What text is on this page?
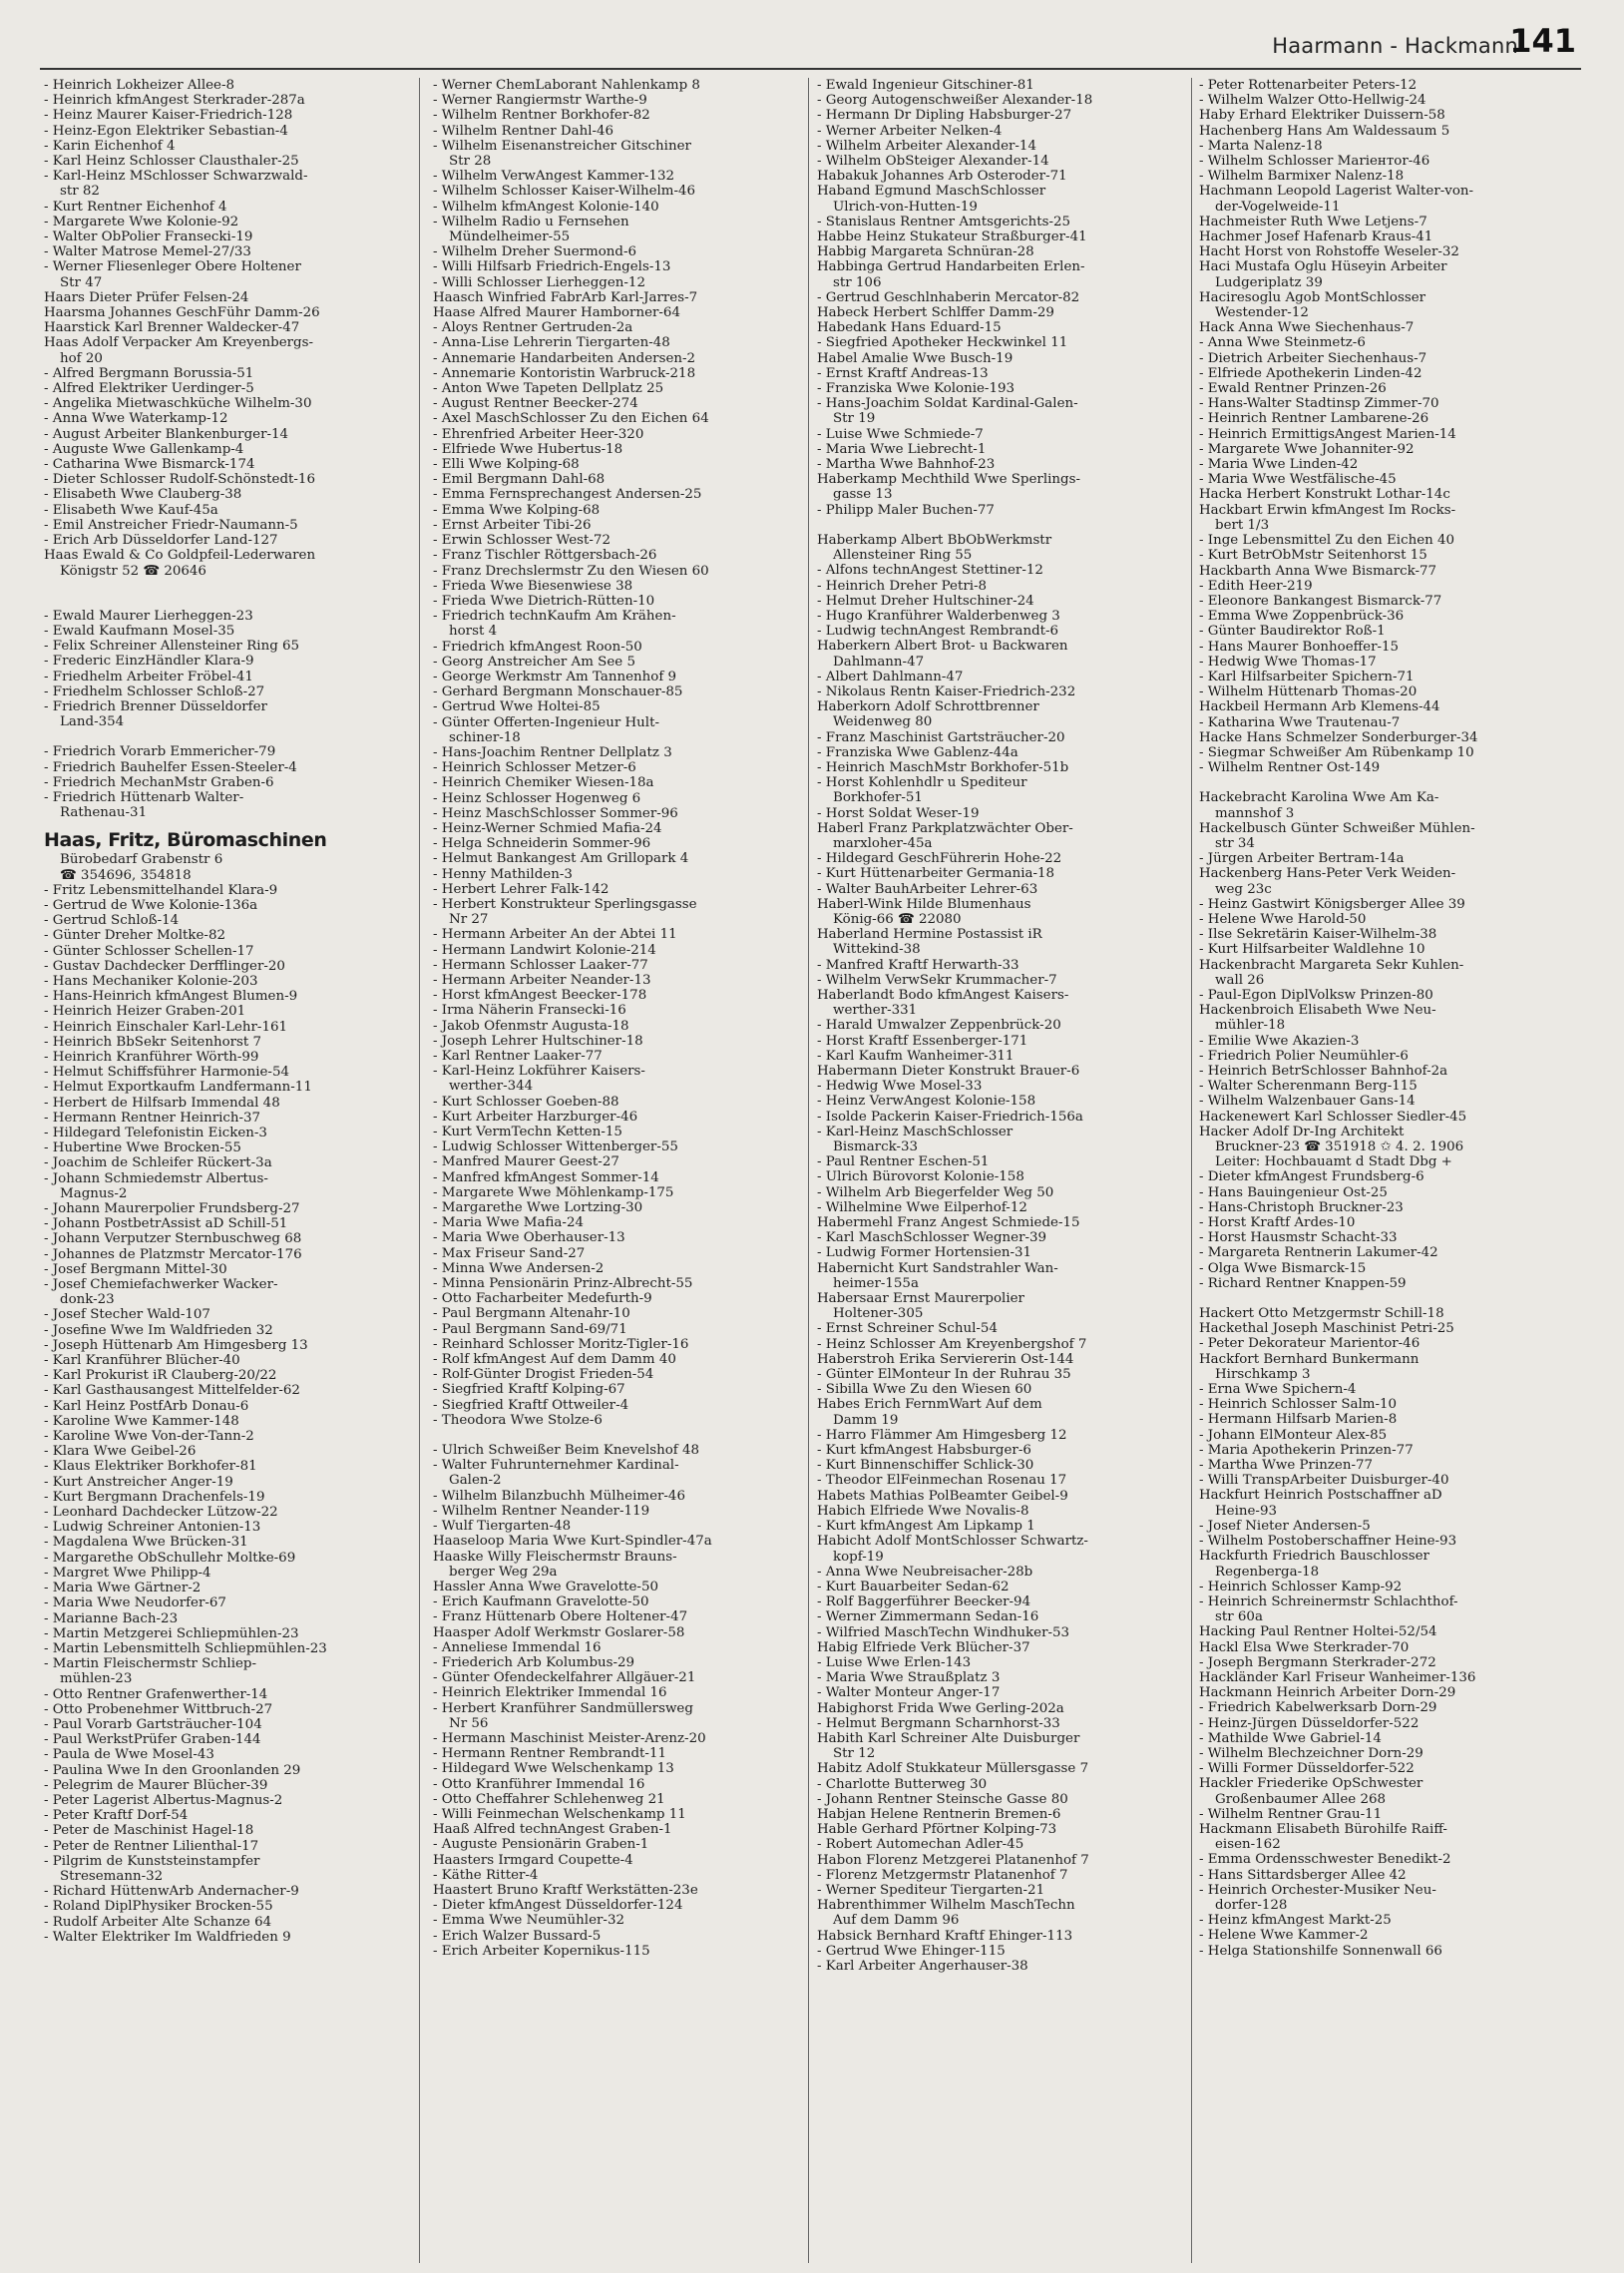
Haarmann - Hackmann
141
- Heinrich Lokheizer Allee-8
- Heinrich kfmAngest Sterkrader-287a
- Heinz Maurer Kaiser-Friedrich-128
- Heinz-Egon Elektriker Sebastian-4
- Karin Eichenhof 4
- Karl Heinz Schlosser Clausthaler-25
- Karl-Heinz MSchlosser Schwarzwald-
str 82
- Kurt Rentner Eichenhof 4
- Margarete Wwe Kolonie-92
- Walter ObPolier Franseckі-19
- Walter Matrose Memel-27/33
- Werner Fliesenleger Obere Holtener
Str 47
Haars Dieter Prüfer Felsen-24
Haarsma Johannes GeschFühr Damm-26
Haarstick Karl Brenner Waldecker-47
Haas Adolf Verpacker Am Kreyenbergs-
hof 20
- Alfred Bergmann Borussia-51
- Alfred Elektriker Uerdinger-5
- Angelika Mietwaschküche Wilhelm-30
- Anna Wwe Waterkamp-12
- August Arbeiter Blankenburger-14
- Auguste Wwe Gallenkamp-4
- Catharina Wwe Bismarck-174
- Dieter Schlosser Rudolf-Schönstedt-16
- Elisabeth Wwe Clauberg-38
- Elisabeth Wwe Kauf-45a
- Emil Anstreicher Friedr-Naumann-5
- Erich Arb Düsseldorfer Land-127
Haas Ewald & Co Goldpfeil-Lederwaren
Königstr 52 ☎ 20646
- Ewald Maurer Lierheggen-23
- Ewald Kaufmann Mosel-35
- Felix Schreiner Allensteiner Ring 65
- Frederic EinzHändler Klara-9
- Friedhelm Arbeiter Fröbel-41
- Friedhelm Schlosser Schloß-27
- Friedrich Brenner Düsseldorfer
Land-354
- Friedrich Vorarb Emmericher-79
- Friedrich Bauhelfer Essen-Steeler-4
- Friedrich MechanMstr Graben-6
- Friedrich Hüttenarb Walter-
Rathenau-31
Haas, Fritz, Büromaschinen
Bürobedarf Grabenstr 6
☎ 354696, 354818
- Fritz Lebensmittelhandel Klara-9
- Gertrud de Wwe Kolonie-136a
- Gertrud Schloß-14
- Günter Dreher Moltke-82
- Günter Schlosser Schellen-17
- Gustav Dachdecker Derfflinger-20
- Hans Mechaniker Kolonie-203
- Hans-Heinrich kfmAngest Blumen-9
- Heinrich Heizer Graben-201
- Heinrich Einschaler Karl-Lehr-161
- Heinrich BbSekr Seitenhorst 7
- Heinrich Kranführer Wörth-99
- Helmut Schiffsführer Harmonie-54
- Helmut Exportkaufm Landfermann-11
- Herbert de Hilfsarb Immendal 48
- Hermann Rentner Heinrich-37
- Hildegard Telefonistin Eicken-3
- Hubertine Wwe Brocken-55
- Joachim de Schleifer Rückert-3a
- Johann Schmiedemstr Albertus-
Magnus-2
- Johann Maurerpolier Frundsberg-27
- Johann PostbetrAssist aD Schill-51
- Johann Verputzer Sternbuschweg 68
- Johannes de Platzmstr Mercator-176
- Josef Bergmann Mittel-30
- Josef Chemiefachwerker Wacker-
donk-23
- Josef Stecher Wald-107
- Josefine Wwe Im Waldfrieden 32
- Joseph Hüttenarb Am Himgesberg 13
- Karl Kranführer Blücher-40
- Karl Prokurist iR Clauberg-20/22
- Karl Gasthausangest Mittelfelder-62
- Karl Heinz PostfArb Donau-6
- Karoline Wwe Kammer-148
- Karoline Wwe Von-der-Tann-2
- Klara Wwe Geibel-26
- Klaus Elektriker Borkhofer-81
- Kurt Anstreicher Anger-19
- Kurt Bergmann Drachenfels-19
- Leonhard Dachdecker Lützow-22
- Ludwig Schreiner Antonien-13
- Magdalena Wwe Brücken-31
- Margarethe ObSchullehr Moltke-69
- Margret Wwe Philipp-4
- Maria Wwe Gärtner-2
- Maria Wwe Neudorfer-67
- Marianne Bach-23
- Martin Metzgerei Schliepmühlen-23
- Martin Lebensmittelh Schliepmühlen-23
- Martin Fleischermstr Schliep-
mühlen-23
- Otto Rentner Grafenwerther-14
- Otto Probenehmer Wittbruch-27
- Paul Vorarb Gartsträucher-104
- Paul WerkstPrüfer Graben-144
- Paula de Wwe Mosel-43
- Paulina Wwe In den Groonlanden 29
- Pelegrim de Maurer Blücher-39
- Peter Lagerist Albertus-Magnus-2
- Peter Kraftf Dorf-54
- Peter de Maschinist Hagel-18
- Peter de Rentner Lilienthal-17
- Pilgrim de Kunststeinstampfer
Stresemann-32
- Richard HüttenwArb Andernacher-9
- Roland DiplPhysiker Brocken-55
- Rudolf Arbeiter Alte Schanze 64
- Walter Elektriker Im Waldfrieden 9
- Werner ChemLaborant Nahlenkamp 8
- Werner Rangiermstr Warthe-9
- Wilhelm Rentner Borkhofer-82
- Wilhelm Rentner Dahl-46
- Wilhelm Eisenanstreicher Gitschiner
Str 28
- Wilhelm VerwAngest Kammer-132
- Wilhelm Schlosser Kaiser-Wilhelm-46
- Wilhelm kfmAngest Kolonie-140
- Wilhelm Radio u Fernsehen
Mündelheimer-55
- Wilhelm Dreher Suermond-6
- Willi Hilfsarb Friedrich-Engels-13
- Willi Schlosser Lierheggen-12
Haasch Winfried FabrArb Karl-Jarres-7
Haase Alfred Maurer Hamborner-64
- Aloys Rentner Gertruden-2a
- Anna-Lise Lehrerin Tiergarten-48
- Annemarie Handarbeiten Andersen-2
- Annemarie Kontoristin Warbruck-218
- Anton Wwe Tapeten Dellplatz 25
- August Rentner Beecker-274
- Axel MaschSchlosser Zu den Eichen 64
- Ehrenfried Arbeiter Heer-320
- Elfriede Wwe Hubertus-18
- Elli Wwe Kolping-68
- Emil Bergmann Dahl-68
- Emma Fernsprechangest Andersen-25
- Emma Wwe Kolping-68
- Ernst Arbeiter Tibi-26
- Erwin Schlosser West-72
- Franz Tischler Röttgersbach-26
- Franz Drechslermstr Zu den Wiesen 60
- Frieda Wwe Biesenwiese 38
- Frieda Wwe Dietrich-Rütten-10
- Friedrich technKaufm Am Krähen-
horst 4
- Friedrich kfmAngest Roon-50
- Georg Anstreicher Am See 5
- George Werkmstr Am Tannenhof 9
- Gerhard Bergmann Monschauer-85
- Gertrud Wwe Holtei-85
- Günter Offerten-Ingenieur Hult-
schiner-18
- Hans-Joachim Rentner Dellplatz 3
- Heinrich Schlosser Metzer-6
- Heinrich Chemiker Wiesen-18a
- Heinz Schlosser Hogenweg 6
- Heinz MaschSchlosser Sommer-96
- Heinz-Werner Schmied Mafia-24
- Helga Schneiderin Sommer-96
- Helmut Bankangest Am Grillopark 4
- Henny Mathilden-3
- Herbert Lehrer Falk-142
- Herbert Konstrukteur Sperlingsgasse
Nr 27
- Hermann Arbeiter An der Abtei 11
- Hermann Landwirt Kolonie-214
- Hermann Schlosser Laaker-77
- Hermann Arbeiter Neander-13
- Horst kfmAngest Beecker-178
- Irma Näherin Franseckі-16
- Jakob Ofenmstr Augusta-18
- Joseph Lehrer Hultschiner-18
- Karl Rentner Laaker-77
- Karl-Heinz Lokführer Kaisers-
werther-344
- Kurt Schlosser Goeben-88
- Kurt Arbeiter Harzburger-46
- Kurt VermTechn Ketten-15
- Ludwig Schlosser Wittenberger-55
- Manfred Maurer Geest-27
- Manfred kfmAngest Sommer-14
- Margarete Wwe Möhlenkamp-175
- Margarethe Wwe Lortzing-30
- Maria Wwe Mafia-24
- Maria Wwe Oberhauser-13
- Max Friseur Sand-27
- Minna Wwe Andersen-2
- Minna Pensionärin Prinz-Albrecht-55
- Otto Facharbeiter Medefurth-9
- Paul Bergmann Altenahr-10
- Paul Bergmann Sand-69/71
- Reinhard Schlosser Moritz-Tigler-16
- Rolf kfmAngest Auf dem Damm 40
- Rolf-Günter Drogist Frieden-54
- Siegfried Kraftf Kolping-67
- Siegfried Kraftf Ottweiler-4
- Theodora Wwe Stolze-6
- Ulrich Schweißer Beim Knevelshof 48
- Walter Fuhrunternehmer Kardinal-
Galen-2
- Wilhelm Bilanzbuchh Mülheimer-46
- Wilhelm Rentner Neander-119
- Wulf Tiergarten-48
Haaseloop Maria Wwe Kurt-Spindler-47a
Haaske Willy Fleischermstr Brauns-
berger Weg 29a
Hassler Anna Wwe Gravelotte-50
- Erich Kaufmann Gravelotte-50
- Franz Hüttenarb Obere Holtener-47
Haasper Adolf Werkmstr Goslarer-58
- Anneliese Immendal 16
- Friederich Arb Kolumbus-29
- Günter Ofendeckelfahrer Allgäuer-21
- Heinrich Elektriker Immendal 16
- Herbert Kranführer Sandmüllersweg
Nr 56
- Hermann Maschinist Meister-Arenz-20
- Hermann Rentner Rembrandt-11
- Hildegard Wwe Welschenkamp 13
- Otto Kranführer Immendal 16
- Otto Cheffahrer Schlehenweg 21
- Willi Feinmechan Welschenkamp 11
Haaß Alfred technAngest Graben-1
- Auguste Pensionärin Graben-1
Haasters Irmgard Coupette-4
- Käthe Ritter-4
Haastert Bruno Kraftf Werkstätten-23e
- Dieter kfmAngest Düsseldorfer-124
- Emma Wwe Neumühler-32
- Erich Walzer Bussard-5
- Erich Arbeiter Kopernikus-115
- Ewald Ingenieur Gitschiner-81
- Georg Autogenschweißer Alexander-18
- Hermann Dr Dipling Habsburger-27
- Werner Arbeiter Nelken-4
- Wilhelm Arbeiter Alexander-14
- Wilhelm ObSteiger Alexander-14
Habakuk Johannes Arb Osteroder-71
Haband Egmund MaschSchlosser
Ulrich-von-Hutten-19
- Stanislaus Rentner Amtsgerichts-25
Habbe Heinz Stukateur Straßburger-41
Habbig Margareta Schnüran-28
Habbinga Gertrud Handarbeiten Erlen-
str 106
- Gertrud Geschlnhaberin Mercator-82
Habeck Herbert Schlffer Damm-29
Habedank Hans Eduard-15
- Siegfried Apotheker Heckwinkel 11
Habel Amalie Wwe Busch-19
- Ernst Kraftf Andreas-13
- Franziska Wwe Kolonie-193
- Hans-Joachim Soldat Kardinal-Galen-
Str 19
- Luise Wwe Schmiede-7
- Maria Wwe Liebrecht-1
- Martha Wwe Bahnhof-23
Haberkamp Mechthild Wwe Sperlings-
gasse 13
- Philipp Maler Buchen-77
Haberkamp Albert BbObWerkmstr
Allensteiner Ring 55
- Alfons technAngest Stettiner-12
- Heinrich Dreher Petri-8
- Helmut Dreher Hultschiner-24
- Hugo Kranführer Walderbenweg 3
- Ludwig technAngest Rembrandt-6
Haberkern Albert Brot- u Backwaren
Dahlmann-47
- Albert Dahlmann-47
- Nikolaus Rentn Kaiser-Friedrich-232
Haberkorn Adolf Schrottbrenner
Weidenweg 80
- Franz Maschinist Gartsträucher-20
- Franziska Wwe Gablenz-44a
- Heinrich MaschMstr Borkhofer-51b
- Horst Kohlenhdlr u Spediteur
Borkhofer-51
- Horst Soldat Weser-19
Haberl Franz Parkplatzwächter Ober-
marxloher-45a
- Hildegard GeschFührerin Hohe-22
- Kurt Hüttenarbeiter Germania-18
- Walter BauhArbeiter Lehrer-63
Haberl-Wink Hilde Blumenhaus
König-66 ☎ 22080
Haberland Hermine Postassist iR
Wittekind-38
- Manfred Kraftf Herwarth-33
- Wilhelm VerwSekr Krummacher-7
Haberlandt Bodo kfmAngest Kaisers-
werther-331
- Harald Umwalzer Zeppenbrück-20
- Horst Kraftf Essenberger-171
- Karl Kaufm Wanheimer-311
Habermann Dieter Konstrukt Brauer-6
- Hedwig Wwe Mosel-33
- Heinz VerwAngest Kolonie-158
- Isolde Packerin Kaiser-Friedrich-156a
- Karl-Heinz MaschSchlosser
Bismarck-33
- Paul Rentner Eschen-51
- Ulrich Bürovorst Kolonie-158
- Wilhelm Arb Biegerfelder Weg 50
- Wilhelmine Wwe Eilperhof-12
Habermehl Franz Angest Schmiede-15
- Karl MaschSchlosser Wegner-39
- Ludwig Former Hortensien-31
Habernicht Kurt Sandstrahler Wan-
heimer-155a
Habersaar Ernst Maurerpolier
Holtener-305
- Ernst Schreiner Schul-54
- Heinz Schlosser Am Kreyenbergshof 7
Haberstroh Erika Serviererin Ost-144
- Günter ElMonteur In der Ruhrau 35
- Sibilla Wwe Zu den Wiesen 60
Habes Erich FernmWart Auf dem
Damm 19
- Harro Flämmer Am Himgesberg 12
- Kurt kfmAngest Habsburger-6
- Kurt Binnenschiffer Schlick-30
- Theodor ElFeinmechan Rosenau 17
Habets Mathias PolBeamter Geibel-9
Habich Elfriede Wwe Novalis-8
- Kurt kfmAngest Am Lipkamp 1
Habicht Adolf MontSchlosser Schwartz-
kopf-19
- Anna Wwe Neubreisacher-28b
- Kurt Bauarbeiter Sedan-62
- Rolf Baggerführer Beecker-94
- Werner Zimmermann Sedan-16
- Wilfried MaschTechn Windhuker-53
Habig Elfriede Verk Blücher-37
- Luise Wwe Erlen-143
- Maria Wwe Straußplatz 3
- Walter Monteur Anger-17
Habighorst Frida Wwe Gerling-202a
- Helmut Bergmann Scharnhorst-33
Habith Karl Schreiner Alte Duisburger
Str 12
Habitz Adolf Stukkateur Müllersgasse 7
- Charlotte Butterweg 30
- Johann Rentner Steinsche Gasse 80
Habjan Helene Rentnerin Bremen-6
Hable Gerhard Pförtner Kolping-73
- Robert Automechan Adler-45
Habon Florenz Metzgerei Platanenhof 7
- Florenz Metzgermstr Platanenhof 7
- Werner Spediteur Tiergarten-21
Habrenthimmer Wilhelm MaschTechn
Auf dem Damm 96
Habsick Bernhard Kraftf Ehinger-113
- Gertrud Wwe Ehinger-115
- Karl Arbeiter Angerhauser-38
- Peter Rottenarbeiter Peters-12
- Wilhelm Walzer Otto-Hellwig-24
Haby Erhard Elektriker Duissern-58
Hachenberg Hans Am Waldessaum 5
- Marta Nalenz-18
- Wilhelm Schlosser Mariентor-46
- Wilhelm Barmixer Nalenz-18
Hachmann Leopold Lagerist Walter-von-
der-Vogelweide-11
Hachmeister Ruth Wwe Letjens-7
Hachmer Josef Hafenarb Kraus-41
Hacht Horst von Rohstoffe Weseler-32
Haci Mustafa Oglu Hüseyin Arbeiter
Ludgeriplatz 39
Hacіresoglu Agob MontSchlosser
Westender-12
Hack Anna Wwe Siechenhaus-7
- Anna Wwe Steinmetz-6
- Dietrich Arbeiter Siechenhaus-7
- Elfriede Apothekerin Linden-42
- Ewald Rentner Prinzen-26
- Hans-Walter Stadtinsp Zimmer-70
- Heinrich Rentner Lambarene-26
- Heinrich ErmittigsAngest Marien-14
- Margarete Wwe Johanniter-92
- Maria Wwe Linden-42
- Maria Wwe Westfälische-45
Hacka Herbert Konstrukt Lothar-14c
Hackbart Erwin kfmAngest Im Rocks-
bert 1/3
- Inge Lebensmittel Zu den Eichen 40
- Kurt BetrObMstr Seitenhorst 15
Hackbarth Anna Wwe Bismarck-77
- Edith Heer-219
- Eleonore Bankangest Bismarck-77
- Emma Wwe Zoppenbrück-36
- Günter Baudirektor Roß-1
- Hans Maurer Bonhoeffer-15
- Hedwig Wwe Thomas-17
- Karl Hilfsarbeiter Spichern-71
- Wilhelm Hüttenarb Thomas-20
Hackbeil Hermann Arb Klemens-44
- Katharina Wwe Trautenau-7
Hacke Hans Schmelzer Sonderburger-34
- Siegmar Schweißer Am Rübenkamp 10
- Wilhelm Rentner Ost-149
Hackebracht Karolina Wwe Am Ka-
mannshof 3
Hackelbusch Günter Schweißer Mühlen-
str 34
- Jürgen Arbeiter Bertram-14a
Hackenberg Hans-Peter Verk Weiden-
weg 23c
- Heinz Gastwirt Königsberger Allee 39
- Helene Wwe Harold-50
- Ilse Sekretärin Kaiser-Wilhelm-38
- Kurt Hilfsarbeiter Waldlehne 10
Hackenbracht Margareta Sekr Kuhlen-
wall 26
- Paul-Egon DiplVolksw Prinzen-80
Hackenbroich Elisabeth Wwe Neu-
mühler-18
- Emilie Wwe Akazien-3
- Friedrich Polier Neumühler-6
- Heinrich BetrSchlosser Bahnhof-2a
- Walter Scherenmann Berg-115
- Wilhelm Walzenbauer Gans-14
Hackenewert Karl Schlosser Siedler-45
Hacker Adolf Dr-Ing Architekt
Bruckner-23 ☎ 351918 ✩ 4. 2. 1906
Leiter: Hochbauamt d Stadt Dbg +
- Dieter kfmAngest Frundsberg-6
- Hans Bauingenieur Ost-25
- Hans-Christoph Bruckner-23
- Horst Kraftf Ardes-10
- Horst Hausmstr Schacht-33
- Margareta Rentnerin Lakumer-42
- Olga Wwe Bismarck-15
- Richard Rentner Knappen-59
Hackert Otto Metzgermstr Schill-18
Hackethal Joseph Maschinist Petri-25
- Peter Dekorateur Marientor-46
Hackfort Bernhard Bunkermann
Hirschkamp 3
- Erna Wwe Spichern-4
- Heinrich Schlosser Salm-10
- Hermann Hilfsarb Marien-8
- Johann ElMonteur Alex-85
- Maria Apothekerin Prinzen-77
- Martha Wwe Prinzen-77
- Willi TranspArbeiter Duisburger-40
Hackfurt Heinrich Postschaffner aD
Heine-93
- Josef Nieter Andersen-5
- Wilhelm Postoberschaffner Heine-93
Hackfurth Friedrich Bauschlosser
Regenberga-18
- Heinrich Schlosser Kamp-92
- Heinrich Schreinermstr Schlachthof-
str 60a
Hacking Paul Rentner Holtei-52/54
Hackl Elsa Wwe Sterkrader-70
- Joseph Bergmann Sterkrader-272
Hackländer Karl Friseur Wanheimer-136
Hackmann Heinrich Arbeiter Dorn-29
- Friedrich Kabelwerksarb Dorn-29
- Heinz-Jürgen Düsseldorfer-522
- Mathilde Wwe Gabriel-14
- Wilhelm Blechzeichner Dorn-29
- Willi Former Düsseldorfer-522
Hackler Friederike OpSchwester
Großenbaumer Allee 268
- Wilhelm Rentner Grau-11
Hackmann Elisabeth Bürohilfe Raiff-
eisen-162
- Emma Ordensschwester Benedikt-2
- Hans Sittardsberger Allee 42
- Heinrich Orchester-Musiker Neu-
dorfer-128
- Heinz kfmAngest Markt-25
- Helene Wwe Kammer-2
- Helga Stationshilfe Sonnenwall 66
